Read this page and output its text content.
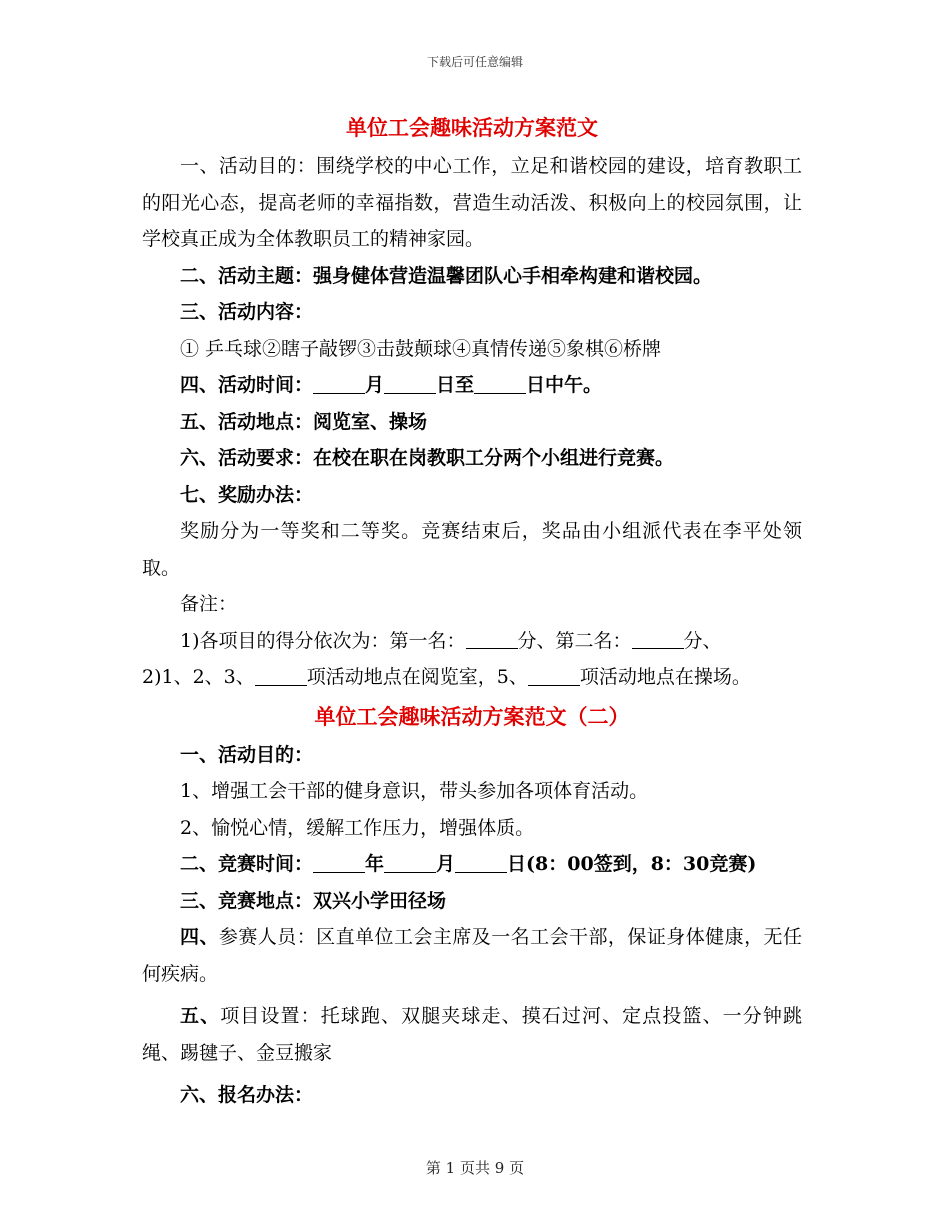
下载后可任意编辑
单位工会趣味活动方案范文
一、活动目的：围绕学校的中心工作，立足和谐校园的建设，培育教职工的阳光心态，提高老师的幸福指数，营造生动活泼、积极向上的校园氛围，让学校真正成为全体教职员工的精神家园。
二、活动主题：强身健体营造温馨团队心手相牵构建和谐校园。
三、活动内容：
① 乒乓球②瞎子敲锣③击鼓颠球④真情传递⑤象棋⑥桥牌
四、活动时间：	月	日至	日中午。
五、活动地点：阅览室、操场
六、活动要求：在校在职在岗教职工分两个小组进行竞赛。
七、奖励办法：
奖励分为一等奖和二等奖。竞赛结束后，奖品由小组派代表在李平处领取。
备注：
1)各项目的得分依次为：第一名：	分、第二名：	分、
2)1、2、3、	项活动地点在阅览室，5、	项活动地点在操场。
单位工会趣味活动方案范文（二）
一、活动目的：
1、增强工会干部的健身意识，带头参加各项体育活动。
2、愉悦心情，缓解工作压力，增强体质。
二、竞赛时间：	年	月	日(8：00签到，8：30竞赛)
三、竞赛地点：双兴小学田径场
四、参赛人员：区直单位工会主席及一名工会干部，保证身体健康，无任何疾病。
五、项目设置：托球跑、双腿夹球走、摸石过河、定点投篮、一分钟跳绳、踢毽子、金豆搬家
六、报名办法：
第 1 页共 9 页
